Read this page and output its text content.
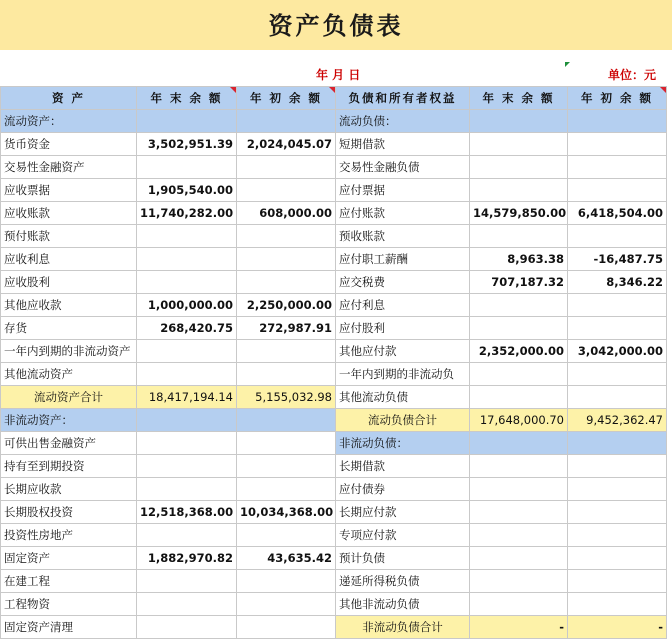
资产负债表
年 月 日	单位：元
资 产	年 末 余 额	年 初 余 额	负债和所有者权益	年 末 余 额	年 初 余 额

流动资产：			流动负债：		
货币资金	3,502,951.39	2,024,045.07	短期借款		
交易性金融资产			交易性金融负债		
应收票据	1,905,540.00		应付票据		
应收账款	11,740,282.00	608,000.00	应付账款	14,579,850.00	6,418,504.00
预付账款			预收账款		
应收利息			应付职工薪酬	8,963.38	-16,487.75
应收股利			应交税费	707,187.32	8,346.22
其他应收款	1,000,000.00	2,250,000.00	应付利息		
存货	268,420.75	272,987.91	应付股利		
一年内到期的非流动资产			其他应付款	2,352,000.00	3,042,000.00
其他流动资产			一年内到期的非流动负		
流动资产合计	18,417,194.14	5,155,032.98	其他流动负债		
非流动资产：			流动负债合计	17,648,000.70	9,452,362.47
可供出售金融资产			非流动负债：		
持有至到期投资			长期借款		
长期应收款			应付债券		
长期股权投资	12,518,368.00	10,034,368.00	长期应付款		
投资性房地产			专项应付款		
固定资产	1,882,970.82	43,635.42	预计负债		
在建工程			递延所得税负债		
工程物资			其他非流动负债		
固定资产清理			非流动负债合计	-	-
